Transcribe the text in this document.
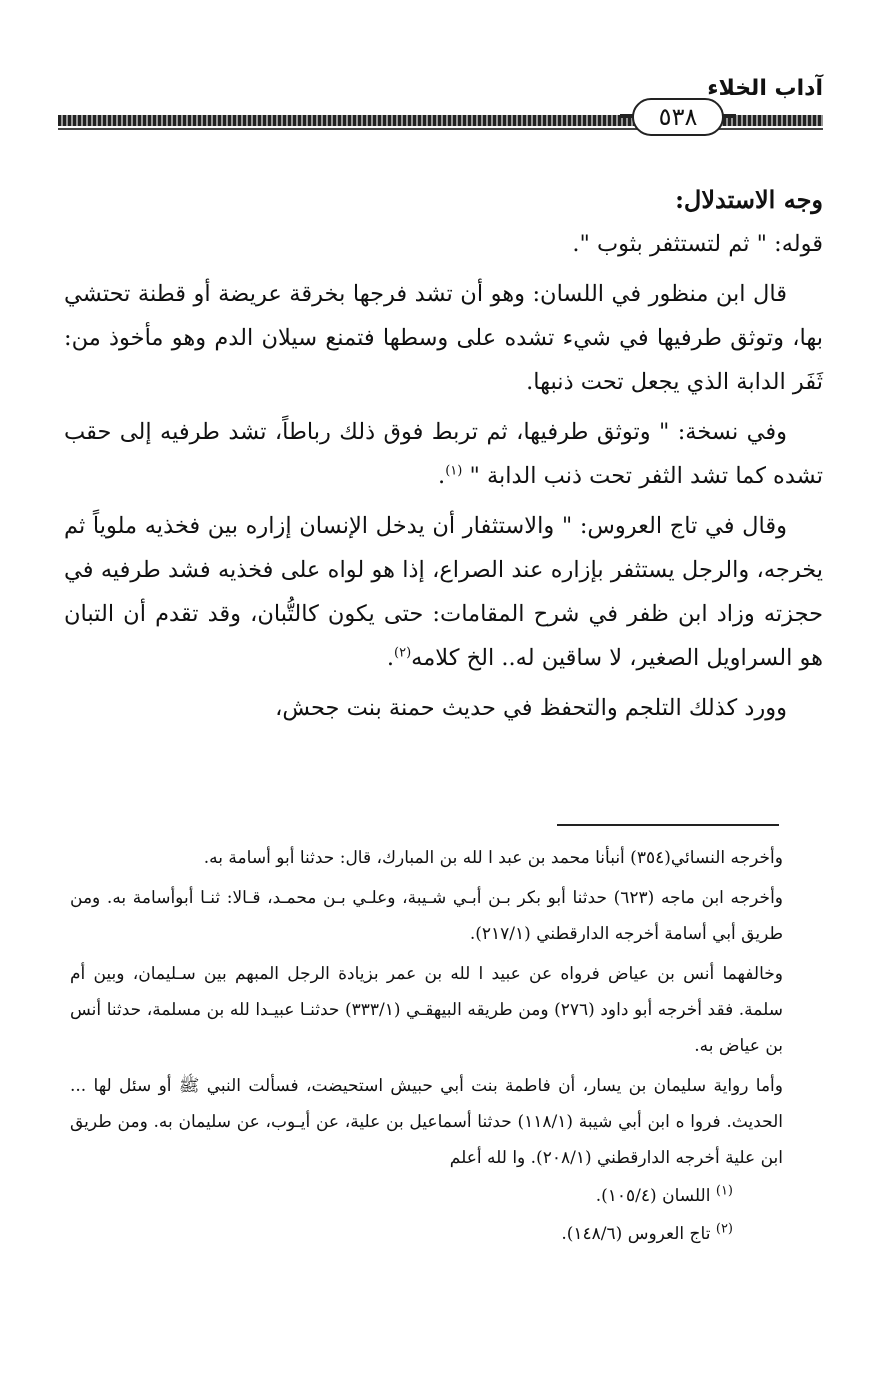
آداب الخلاء
٥٣٨

وجه الاستدلال:

قوله: " ثم لتستثفر بثوب ".

قال ابن منظور في اللسان: وهو أن تشد فرجها بخرقة عريضة أو قطنة تحتشي بها، وتوثق طرفيها في شيء تشده على وسطها فتمنع سيلان الدم وهو مأخوذ من: ثَفَر الدابة الذي يجعل تحت ذنبها.

وفي نسخة: " وتوثق طرفيها، ثم تربط فوق ذلك رباطاً، تشد طرفيه إلى حقب تشده كما تشد الثفر تحت ذنب الدابة " $^{(١)}$.

وقال في تاج العروس: " والاستثفار أن يدخل الإنسان إزاره بين فخذيه ملوياً ثم يخرجه، والرجل يستثفر بإزاره عند الصراع، إذا هو لواه على فخذيه فشد طرفيه في حجزته وزاد ابن ظفر في شرح المقامات: حتى يكون كالتُّبان، وقد تقدم أن التبان هو السراويل الصغير، لا ساقين له.. الخ كلامه$^{(٢)}$.

وورد كذلك التلجم والتحفظ في حديث حمنة بنت جحش،

وأخرجه النسائي(٣٥٤) أنبأنا محمد بن عبد ا لله بن المبارك، قال: حدثنا أبو أسامة به.

وأخرجه ابن ماجه (٦٢٣) حدثنا أبو بكر بـن أبـي شـيبة، وعلـي بـن محمـد، قـالا: ثنـا أبوأسامة به. ومن طريق أبي أسامة أخرجه الدارقطني (٢١٧/١).

وخالفهما أنس بن عياض فرواه عن عبيد ا لله بن عمر بزيادة الرجل المبهم بين سـليمان، وبين أم سلمة. فقد أخرجه أبو داود (٢٧٦) ومن طريقه البيهقـي (٣٣٣/١) حدثنـا عبيـدا لله بن مسلمة، حدثنا أنس بن عياض به.

وأما رواية سليمان بن يسار، أن فاطمة بنت أبي حبيش استحيضت، فسألت النبي ﷺ أو سئل لها ... الحديث. فروا ه ابن أبي شيبة (١١٨/١) حدثنا أسماعيل بن علية، عن أيـوب، عن سليمان به. ومن طريق ابن علية أخرجه الدارقطني (٢٠٨/١). وا لله أعلم

$^{(١)}$ اللسان (١٠٥/٤).

$^{(٢)}$ تاج العروس (١٤٨/٦).
